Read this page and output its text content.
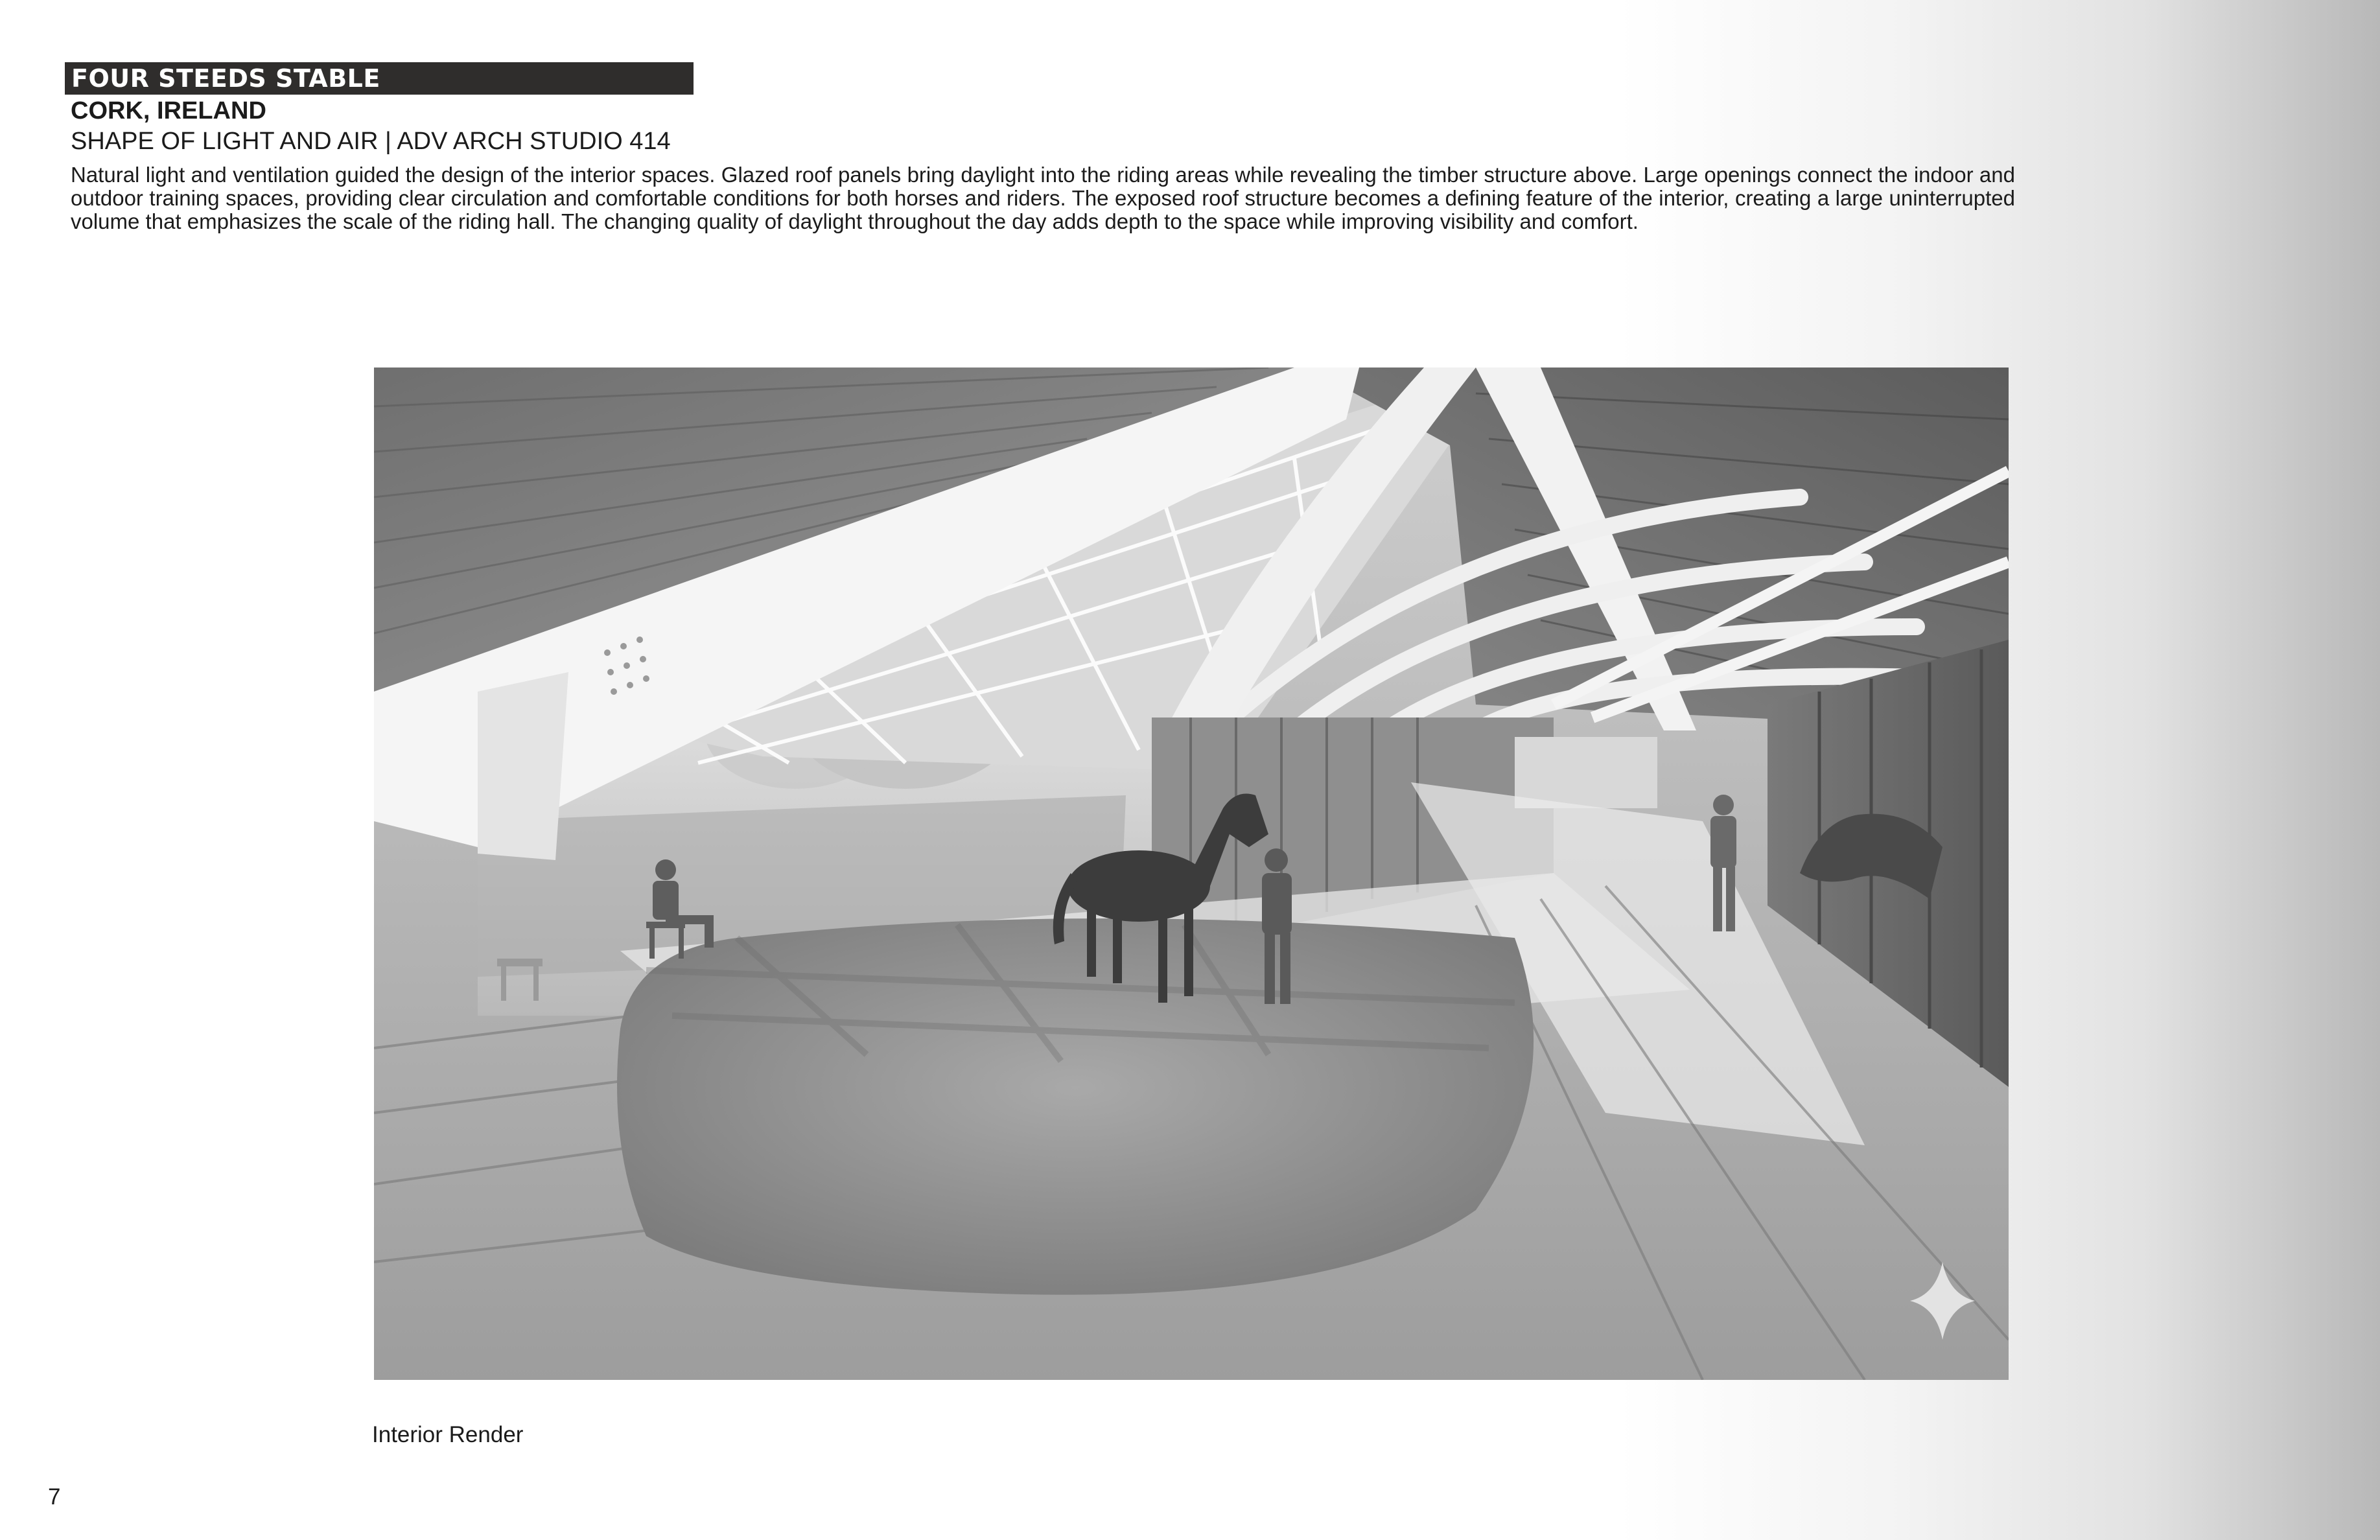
FOUR STEEDS STABLE
CORK, IRELAND
SHAPE OF LIGHT AND AIR | ADV ARCH STUDIO 414
Natural light and ventilation guided the design of the interior spaces. Glazed roof panels bring daylight into the riding areas while revealing the timber structure above. Large openings connect the indoor and outdoor training spaces, providing clear circulation and comfortable conditions for both horses and riders. The exposed roof structure becomes a defining feature of the interior, creating a large uninterrupted volume that emphasizes the scale of the riding hall. The changing quality of daylight throughout the day adds depth to the space while improving visibility and comfort.
Interior Render
7
